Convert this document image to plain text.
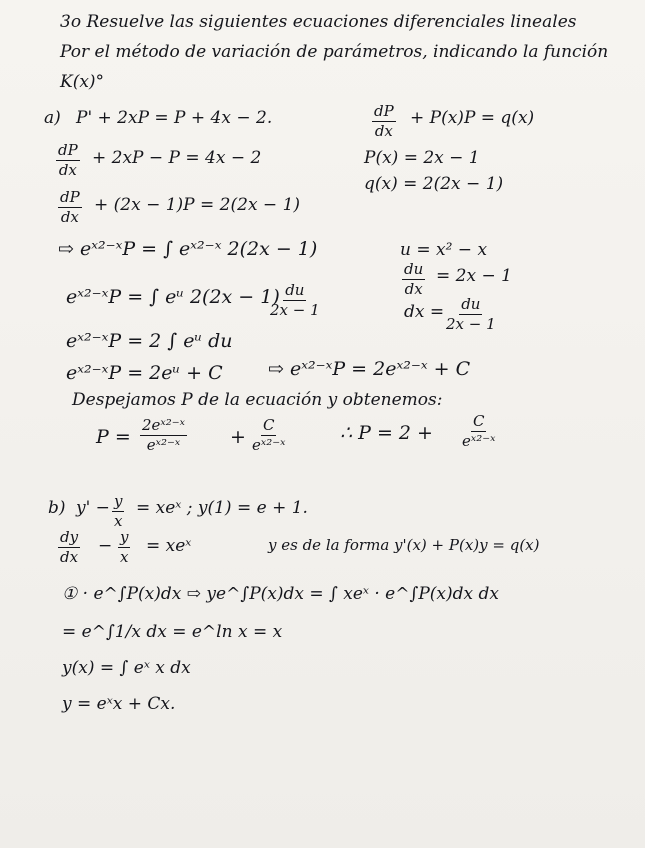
3o Resuelve las siguientes ecuaciones diferenciales lineales
Por el método de variación de parámetros, indicando la función
K(x)°
a) P' + 2xP = P + 4x − 2.	$\frac{dP}{dx} + P(x)P = q(x)$
$\frac{dP}{dx} + 2xP - P = 4x - 2$	P(x) = 2x − 1
q(x) = 2(2x − 1)
$\frac{dP}{dx} + (2x - 1)P = 2(2x - 1)$
⇨ eˣ²⁻ˣP = ∫ eˣ²⁻ˣ 2(2x − 1)	u = x² − x
$\frac{du}{dx} = 2x - 1$
eˣ²⁻ˣP = ∫ eᵘ 2(2x − 1)
$\frac{du}{2x - 1}$	dx = $\frac{du}{2x - 1}$
eˣ²⁻ˣP = 2 ∫ eᵘ du
eˣ²⁻ˣP = 2eᵘ + C ⇨ eˣ²⁻ˣP = 2eˣ²⁻ˣ + C
Despejamos P de la ecuación y obtenemos:
$P = \frac{\text{2eˣ²⁻ˣ}}{\text{eˣ²⁻ˣ}} + \frac{C}{\text{eˣ²⁻ˣ}}$	∴ $P = 2 + \frac{C}{\text{eˣ²⁻ˣ}}$
b) $y' - \frac{y}{x}$ = xeˣ ; y(1) = e + 1.
$\frac{dy}{dx} - \frac{y}{x}$ = xeˣ	y es de la forma y'(x) + P(x)y = q(x)
① · e^∫P(x)dx ⇨ ye^∫P(x)dx = ∫ xeˣ · e^∫P(x)dx dx
= e^∫1/x dx = e^ln x = x
y(x) = ∫ eˣ x dx
y = eˣx + Cx.
